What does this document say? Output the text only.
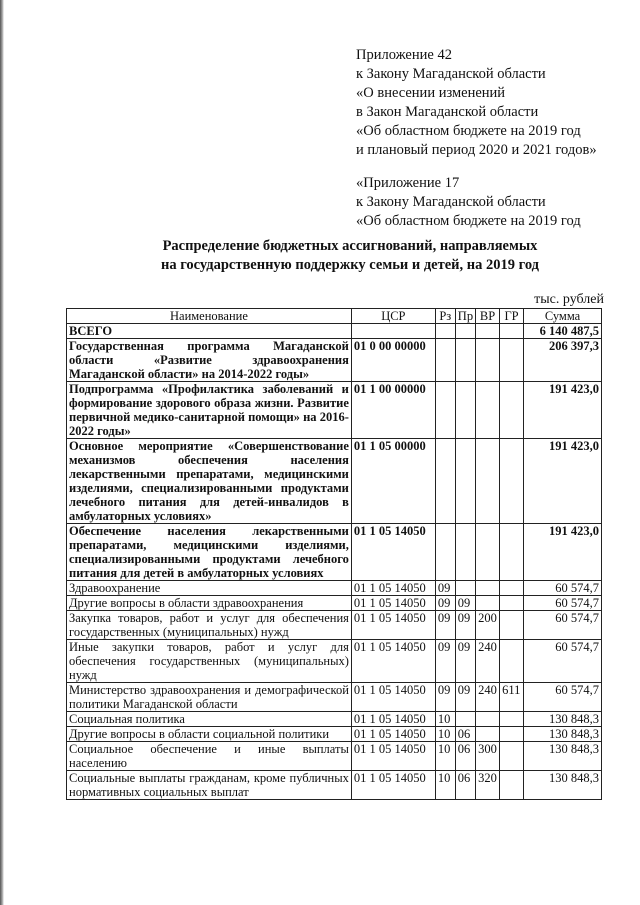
Приложение 42
к Закону Магаданской области
«О внесении изменений
в Закон Магаданской области
«Об областном бюджете на 2019 год
и плановый период 2020 и 2021 годов»
«Приложение 17
к Закону Магаданской области
«Об областном бюджете на 2019 год
Распределение бюджетных ассигнований, направляемых
на государственную поддержку семьи и детей, на 2019 год
тыс. рублей
Наименование	ЦСР	Рз	Пр	ВР	ГР	Сумма
ВСЕГО						6 140 487,5
Государственная программа Магаданской области «Развитие здравоохранения Магаданской области» на 2014-2022 годы»	01 0 00 00000					206 397,3
Подпрограмма «Профилактика заболеваний и формирование здорового образа жизни. Развитие первичной медико-санитарной помощи» на 2016-2022 годы»	01 1 00 00000					191 423,0
Основное мероприятие «Совершенствование механизмов обеспечения населения лекарственными препаратами, медицинскими изделиями, специализированными продуктами лечебного питания для детей-инвалидов в амбулаторных условиях»	01 1 05 00000					191 423,0
Обеспечение населения лекарственными препаратами, медицинскими изделиями, специализированными продуктами лечебного питания для детей в амбулаторных условиях	01 1 05 14050					191 423,0
Здравоохранение	01 1 05 14050	09				60 574,7
Другие вопросы в области здравоохранения	01 1 05 14050	09	09			60 574,7
Закупка товаров, работ и услуг для обеспечения государственных (муниципальных) нужд	01 1 05 14050	09	09	200		60 574,7
Иные закупки товаров, работ и услуг для обеспечения государственных (муниципальных) нужд	01 1 05 14050	09	09	240		60 574,7
Министерство здравоохранения и демографической политики Магаданской области	01 1 05 14050	09	09	240	611	60 574,7
Социальная политика	01 1 05 14050	10				130 848,3
Другие вопросы в области социальной политики	01 1 05 14050	10	06			130 848,3
Социальное обеспечение и иные выплаты населению	01 1 05 14050	10	06	300		130 848,3
Социальные выплаты гражданам, кроме публичных нормативных социальных выплат	01 1 05 14050	10	06	320		130 848,3
